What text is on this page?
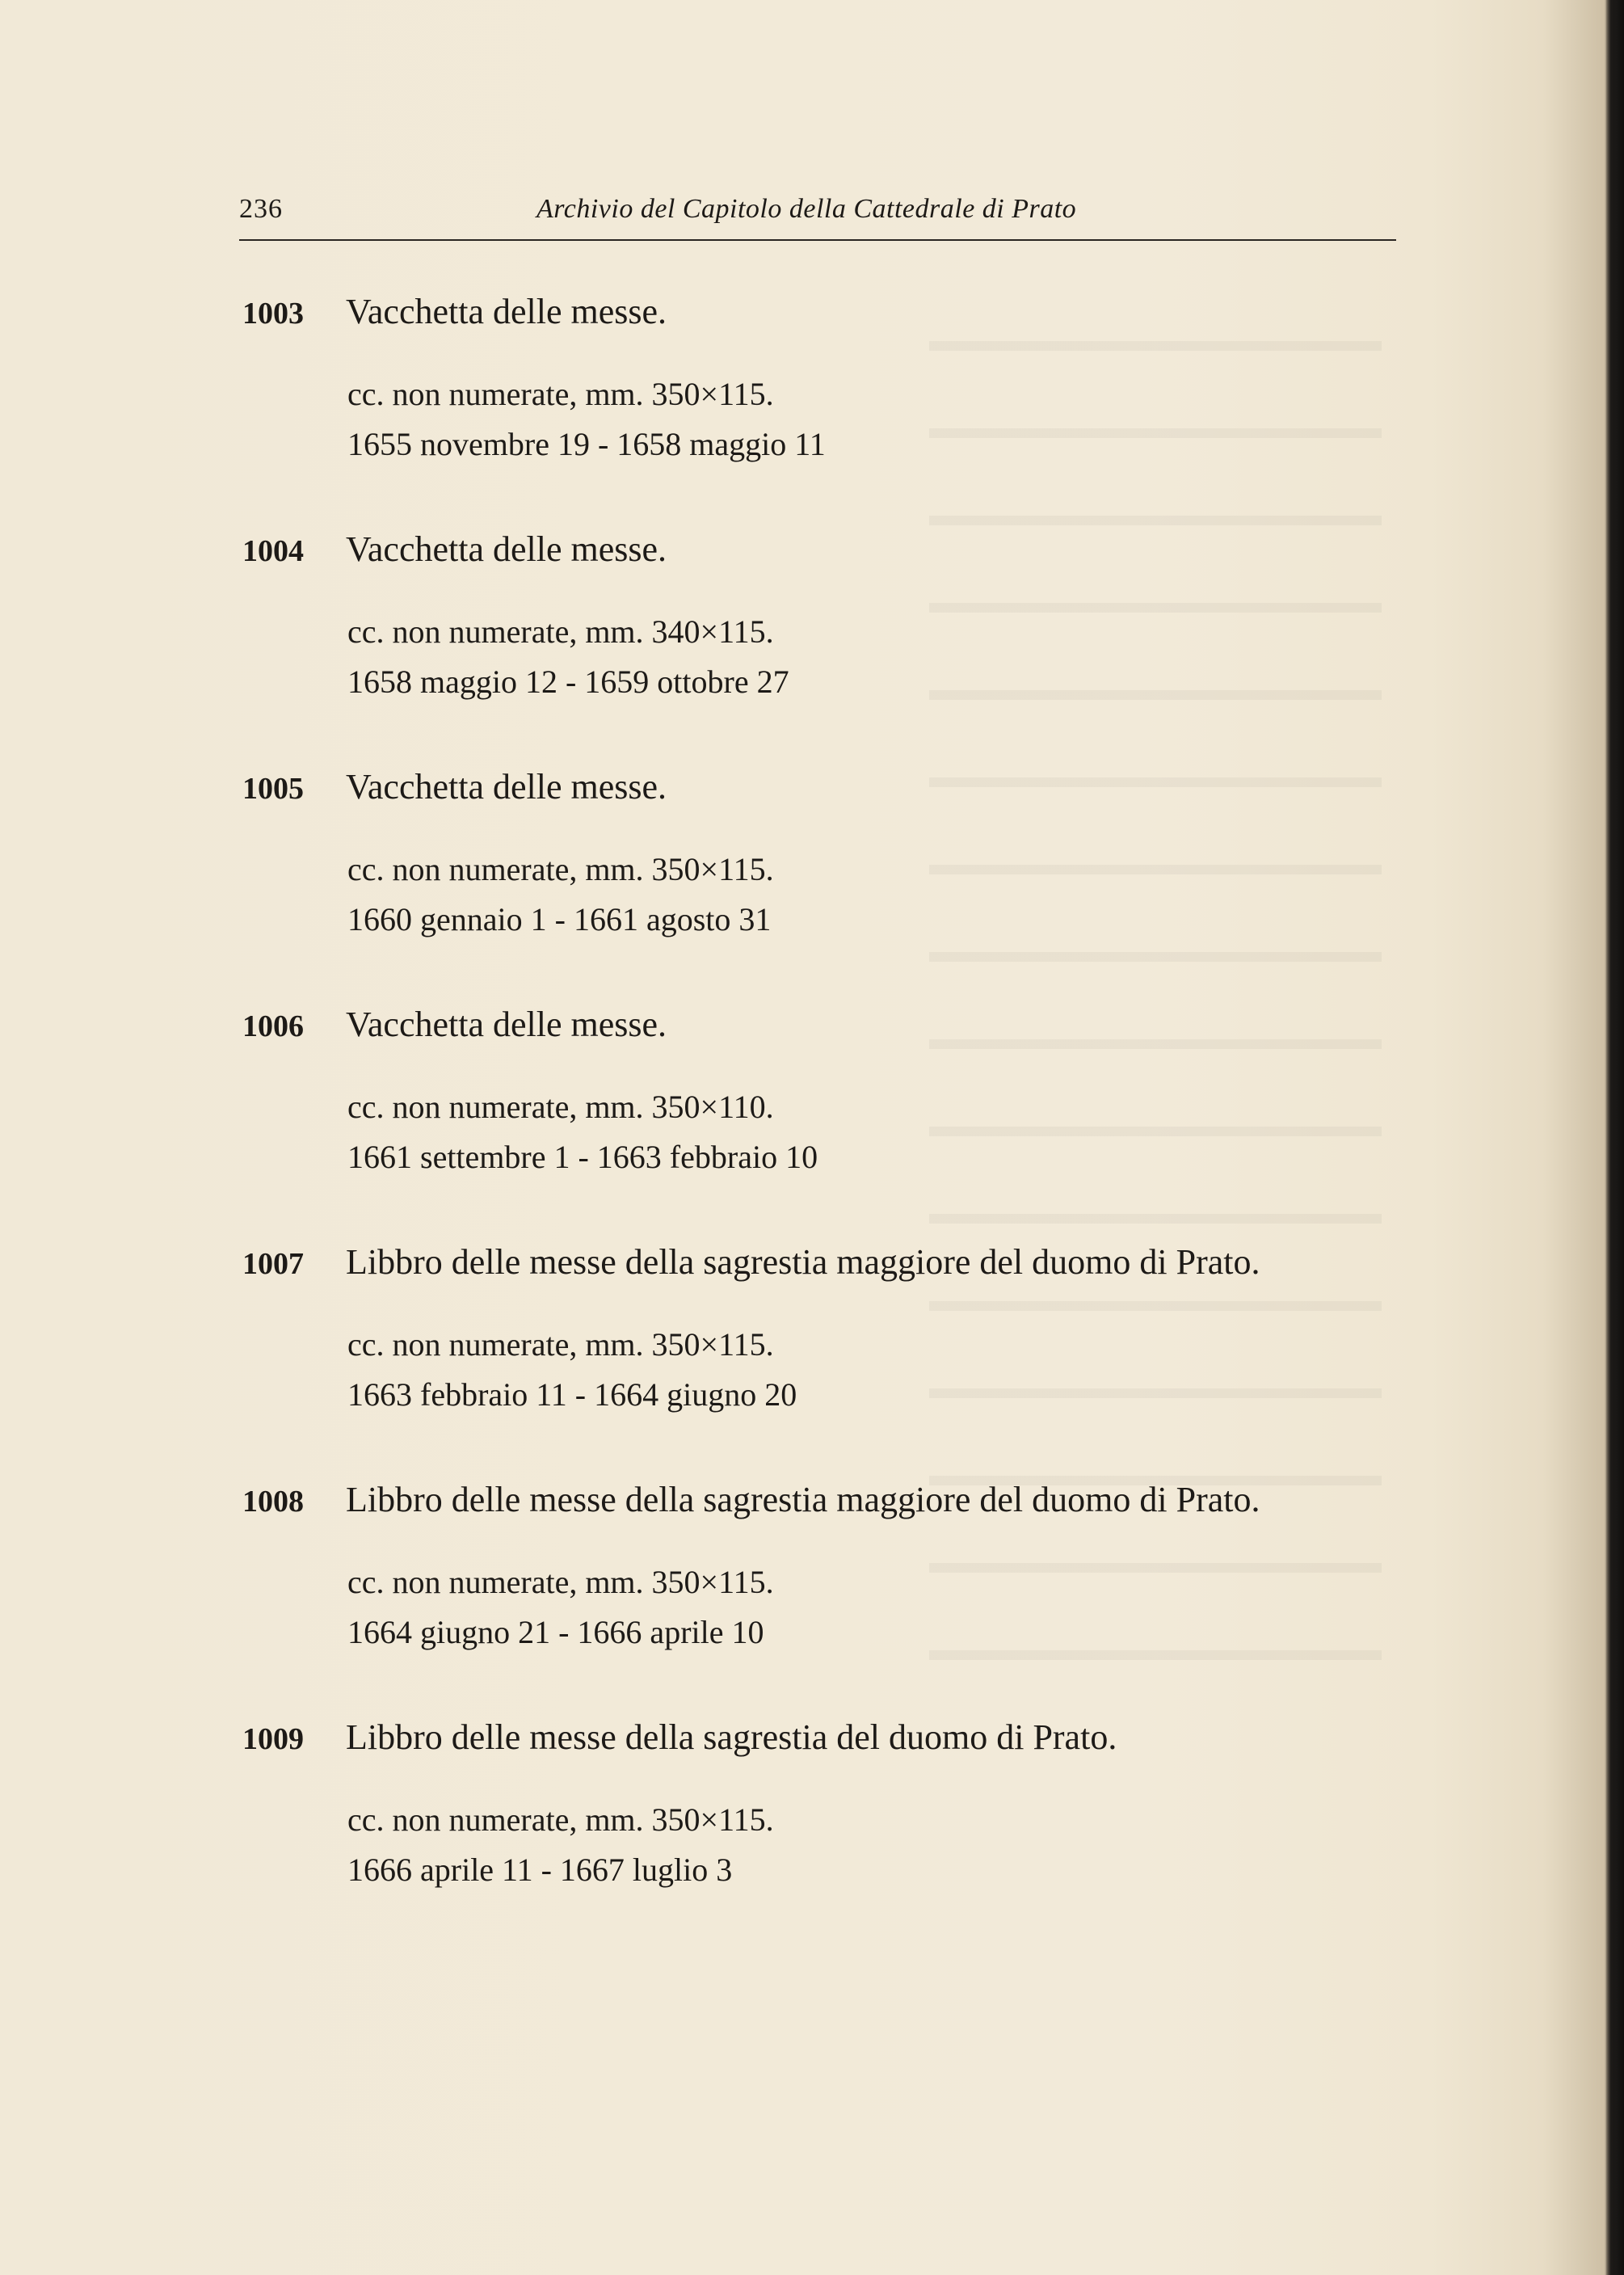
236	Archivio del Capitolo della Cattedrale di Prato
1003 Vacchetta delle messe.
cc. non numerate, mm. 350×115.
1655 novembre 19 - 1658 maggio 11
1004 Vacchetta delle messe.
cc. non numerate, mm. 340×115.
1658 maggio 12 - 1659 ottobre 27
1005 Vacchetta delle messe.
cc. non numerate, mm. 350×115.
1660 gennaio 1 - 1661 agosto 31
1006 Vacchetta delle messe.
cc. non numerate, mm. 350×110.
1661 settembre 1 - 1663 febbraio 10
1007 Libbro delle messe della sagrestia maggiore del duomo di Prato.
cc. non numerate, mm. 350×115.
1663 febbraio 11 - 1664 giugno 20
1008 Libbro delle messe della sagrestia maggiore del duomo di Prato.
cc. non numerate, mm. 350×115.
1664 giugno 21 - 1666 aprile 10
1009 Libbro delle messe della sagrestia del duomo di Prato.
cc. non numerate, mm. 350×115.
1666 aprile 11 - 1667 luglio 3
